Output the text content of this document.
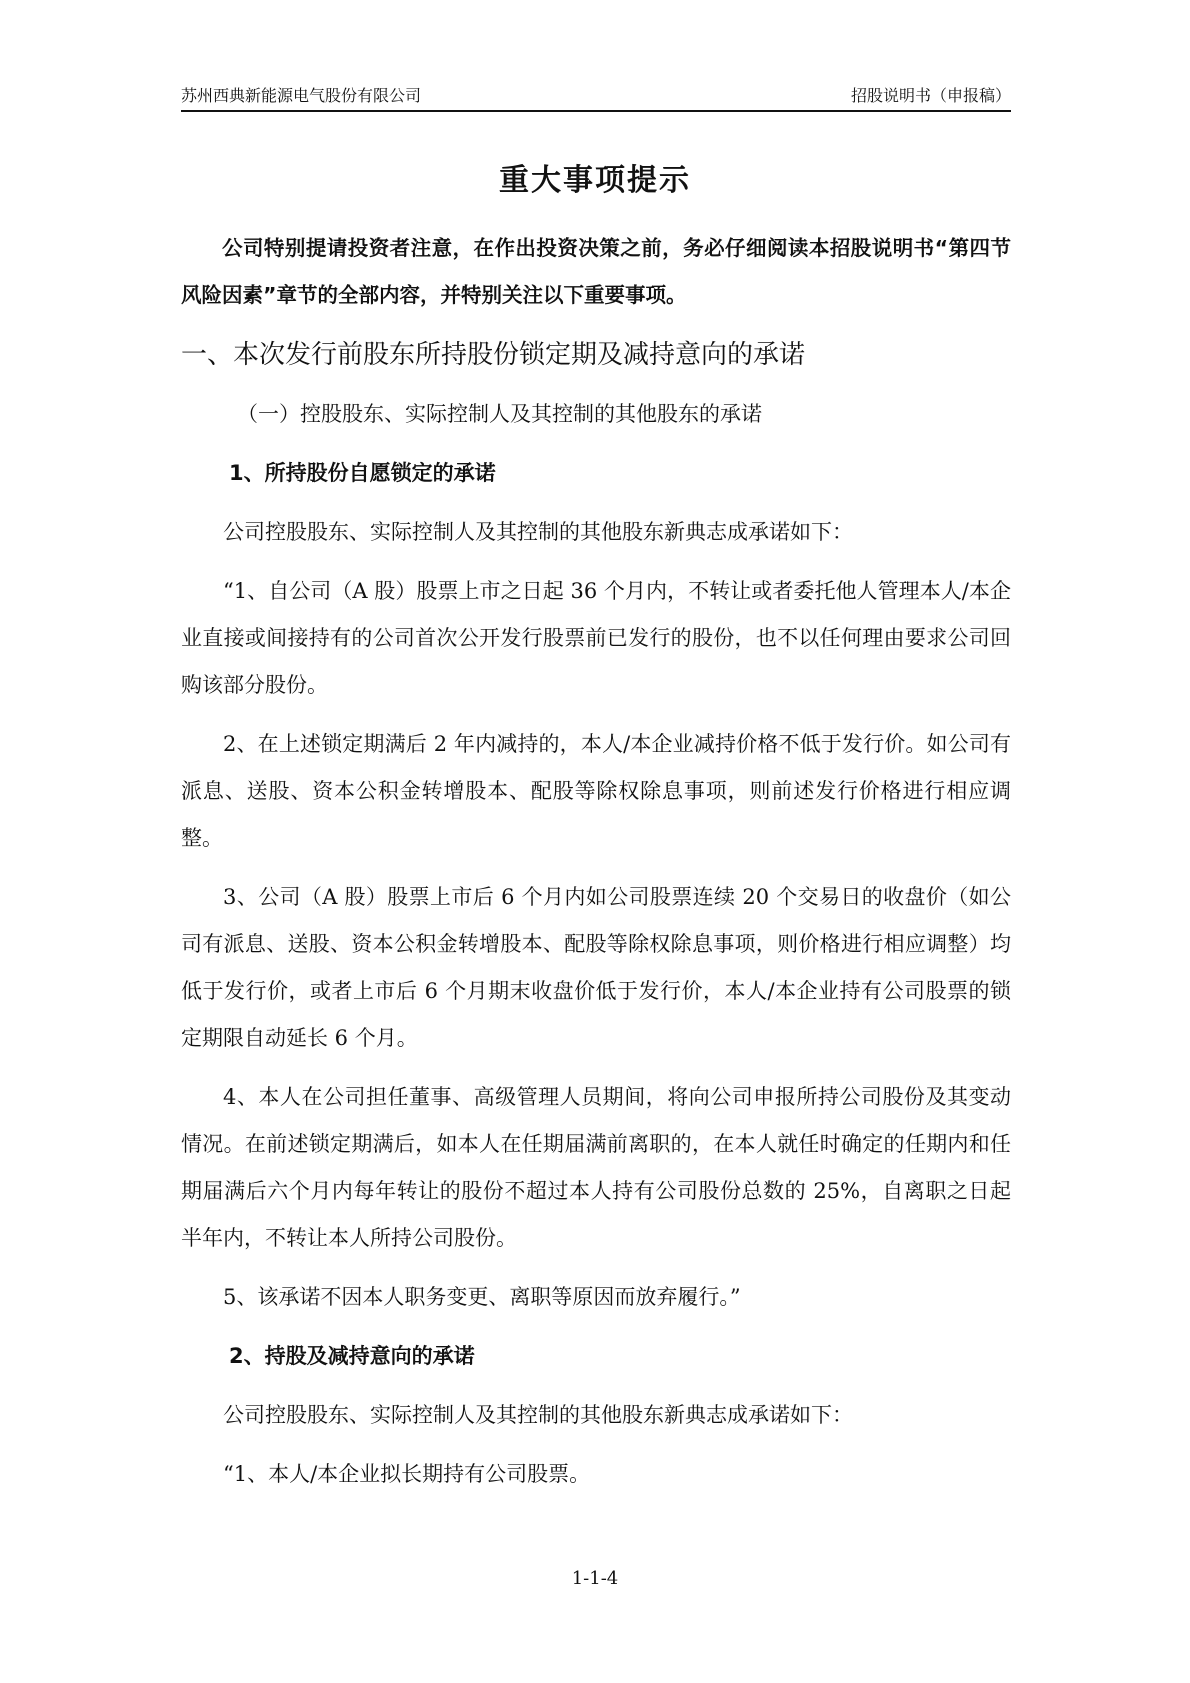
苏州西典新能源电气股份有限公司	招股说明书（申报稿）
重大事项提示

公司特别提请投资者注意，在作出投资决策之前，务必仔细阅读本招股说明书“第四节 风险因素”章节的全部内容，并特别关注以下重要事项。

一、本次发行前股东所持股份锁定期及减持意向的承诺
（一）控股股东、实际控制人及其控制的其他股东的承诺
1、所持股份自愿锁定的承诺

公司控股股东、实际控制人及其控制的其他股东新典志成承诺如下：

“1、自公司（A 股）股票上市之日起 36 个月内，不转让或者委托他人管理本人/本企业直接或间接持有的公司首次公开发行股票前已发行的股份，也不以任何理由要求公司回购该部分股份。

2、在上述锁定期满后 2 年内减持的，本人/本企业减持价格不低于发行价。如公司有派息、送股、资本公积金转增股本、配股等除权除息事项，则前述发行价格进行相应调整。

3、公司（A 股）股票上市后 6 个月内如公司股票连续 20 个交易日的收盘价（如公司有派息、送股、资本公积金转增股本、配股等除权除息事项，则价格进行相应调整）均低于发行价，或者上市后 6 个月期末收盘价低于发行价，本人/本企业持有公司股票的锁定期限自动延长 6 个月。

4、本人在公司担任董事、高级管理人员期间，将向公司申报所持公司股份及其变动情况。在前述锁定期满后，如本人在任期届满前离职的，在本人就任时确定的任期内和任期届满后六个月内每年转让的股份不超过本人持有公司股份总数的 25%，自离职之日起半年内，不转让本人所持公司股份。

5、该承诺不因本人职务变更、离职等原因而放弃履行。”

2、持股及减持意向的承诺

公司控股股东、实际控制人及其控制的其他股东新典志成承诺如下：

“1、本人/本企业拟长期持有公司股票。

1-1-4
